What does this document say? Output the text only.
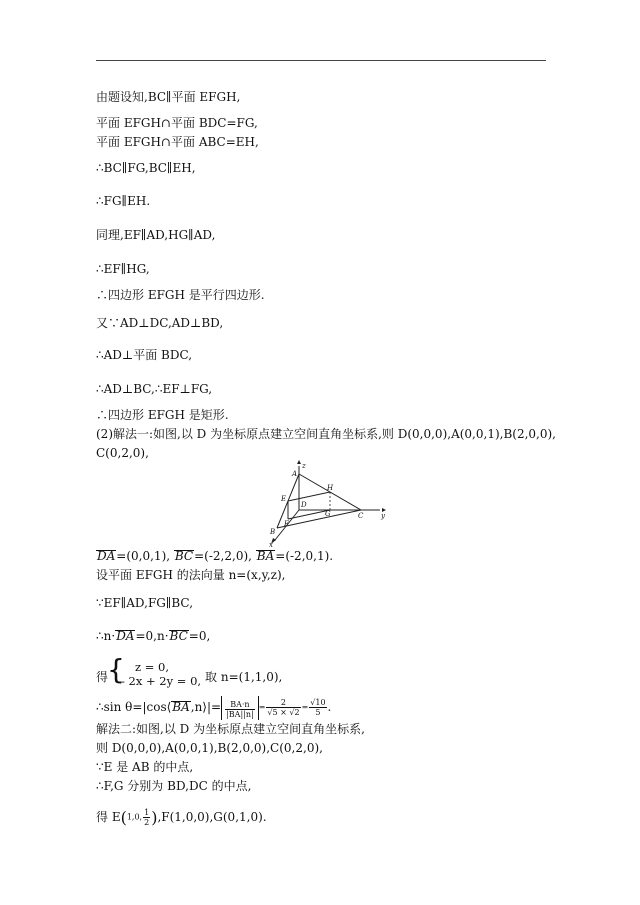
由题设知,BC∥平面 EFGH,
平面 EFGH∩平面 BDC=FG,
平面 EFGH∩平面 ABC=EH,
∴BC∥FG,BC∥EH,
∴FG∥EH.
同理,EF∥AD,HG∥AD,
∴EF∥HG,
∴四边形 EFGH 是平行四边形.
又∵AD⊥DC,AD⊥BD,
∴AD⊥平面 BDC,
∴AD⊥BC,∴EF⊥FG,
∴四边形 EFGH 是矩形.
(2)解法一:如图,以 D 为坐标原点建立空间直角坐标系,则 D(0,0,0),A(0,0,1),B(2,0,0),
C(0,2,0),
z
y
x
A
E
H
D
F
G	C
B
DA=(0,0,1), BC=(-2,2,0), BA=(-2,0,1).
设平面 EFGH 的法向量 n=(x,y,z),
∵EF∥AD,FG∥BC,
∴n·DA=0,n·BC=0,
得 { z = 0,
- 2x + 2y = 0, 取 n=(1,1,0),
∴sin θ=|cos⟨BA,n⟩|= $\frac{BA\cdot n}{|BA||n|} = \frac{2}{√5 \times √2} = \frac{√10}{5}$ .
解法二:如图,以 D 为坐标原点建立空间直角坐标系,
则 D(0,0,0),A(0,0,1),B(2,0,0),C(0,2,0),
∵E 是 AB 的中点,
∴F,G 分别为 BD,DC 的中点,
得 E(1,0, $\frac{1}{2} ),F(1,0,0),G(0,1,0)$.
